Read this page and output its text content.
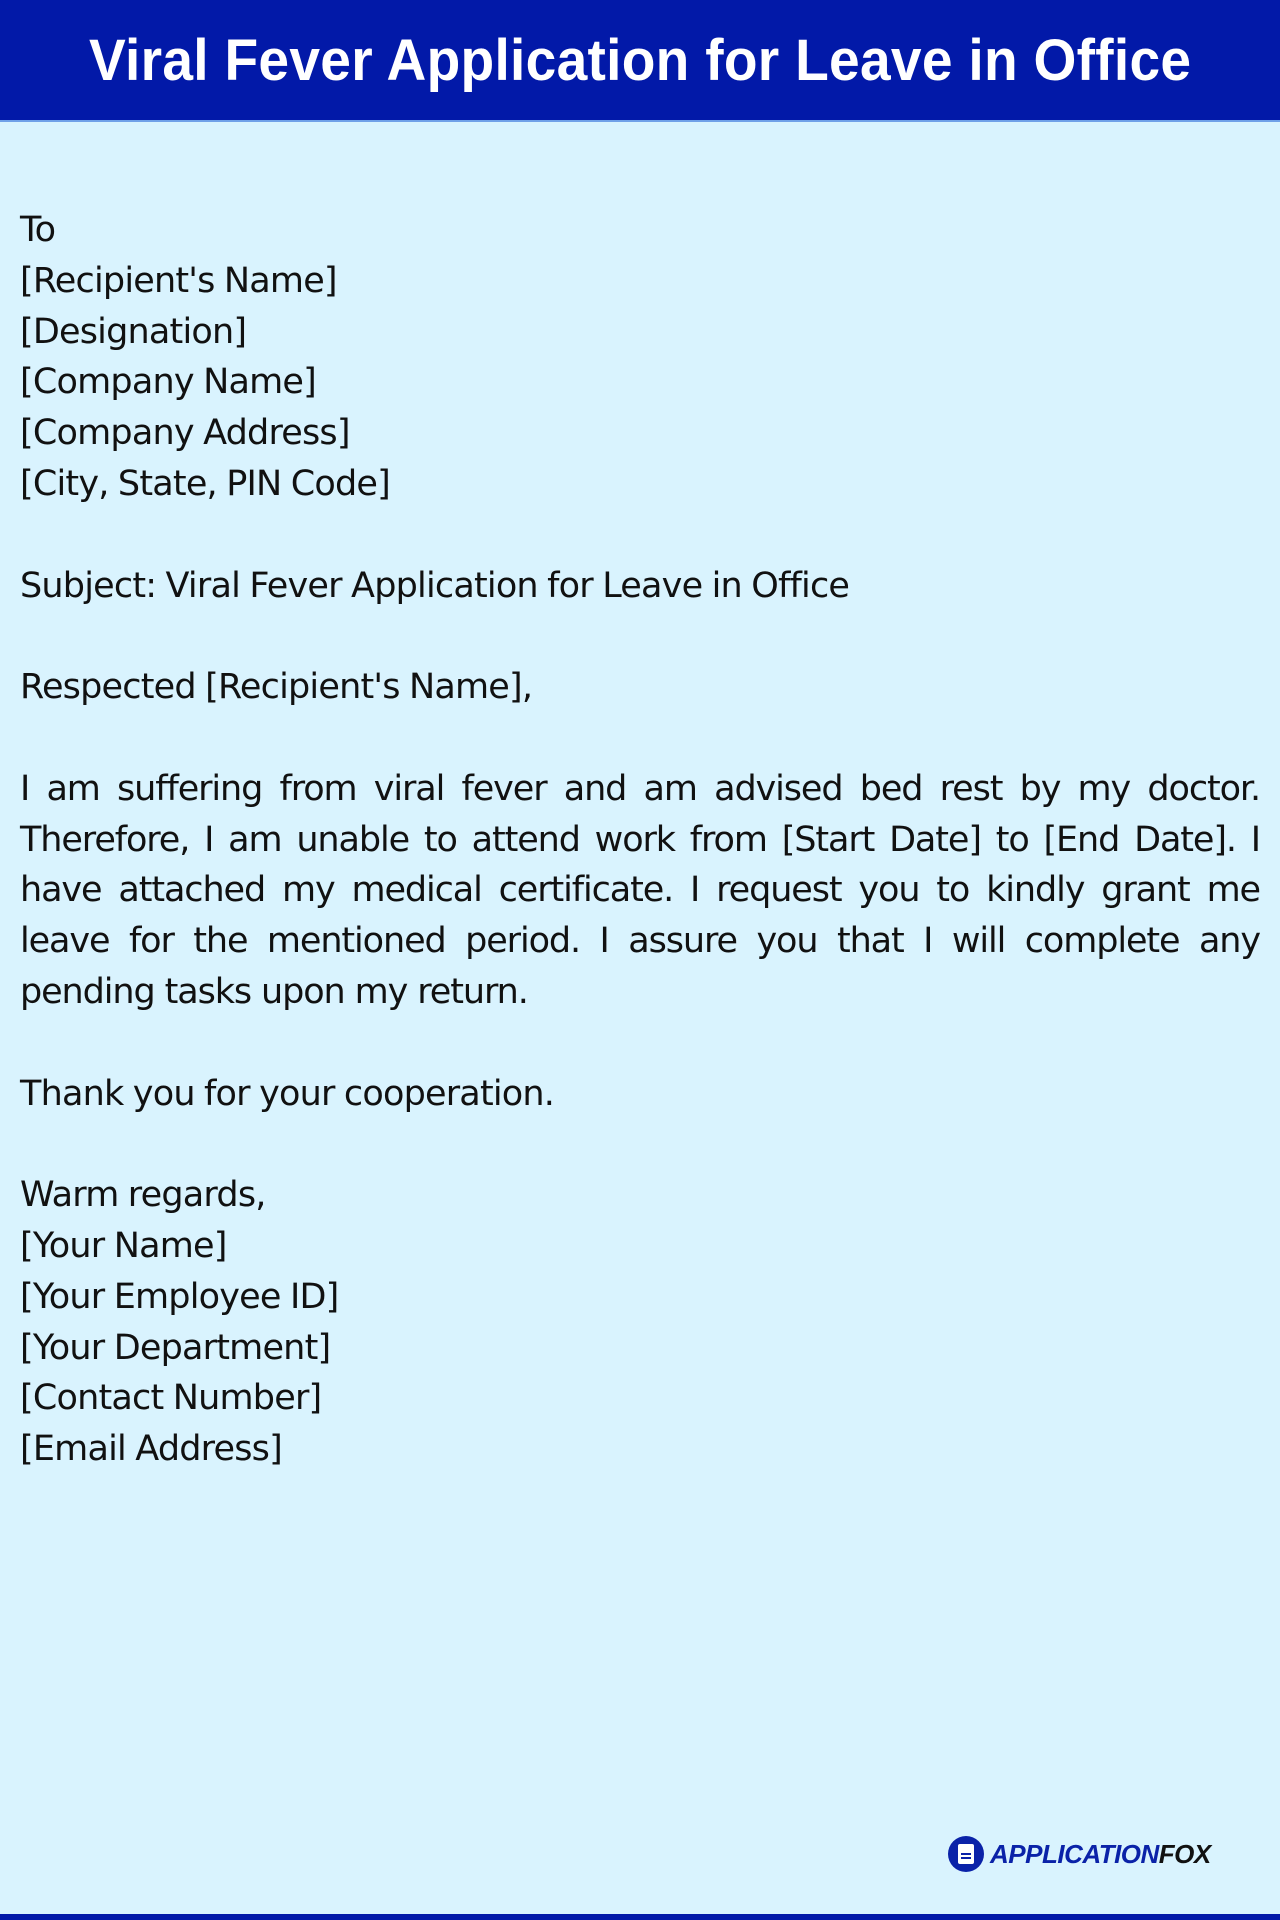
Viral Fever Application for Leave in Office
To
[Recipient's Name]
[Designation]
[Company Name]
[Company Address]
[City, State, PIN Code]
Subject: Viral Fever Application for Leave in Office
Respected [Recipient's Name],

I am suffering from viral fever and am advised bed rest by my doctor. Therefore, I am unable to attend work from [Start Date] to [End Date]. I have attached my medical certificate. I request you to kindly grant me leave for the mentioned period. I assure you that I will complete any pending tasks upon my return.

Thank you for your cooperation.
Warm regards,
[Your Name]
[Your Employee ID]
[Your Department]
[Contact Number]
[Email Address]
APPLICATIONFOX
